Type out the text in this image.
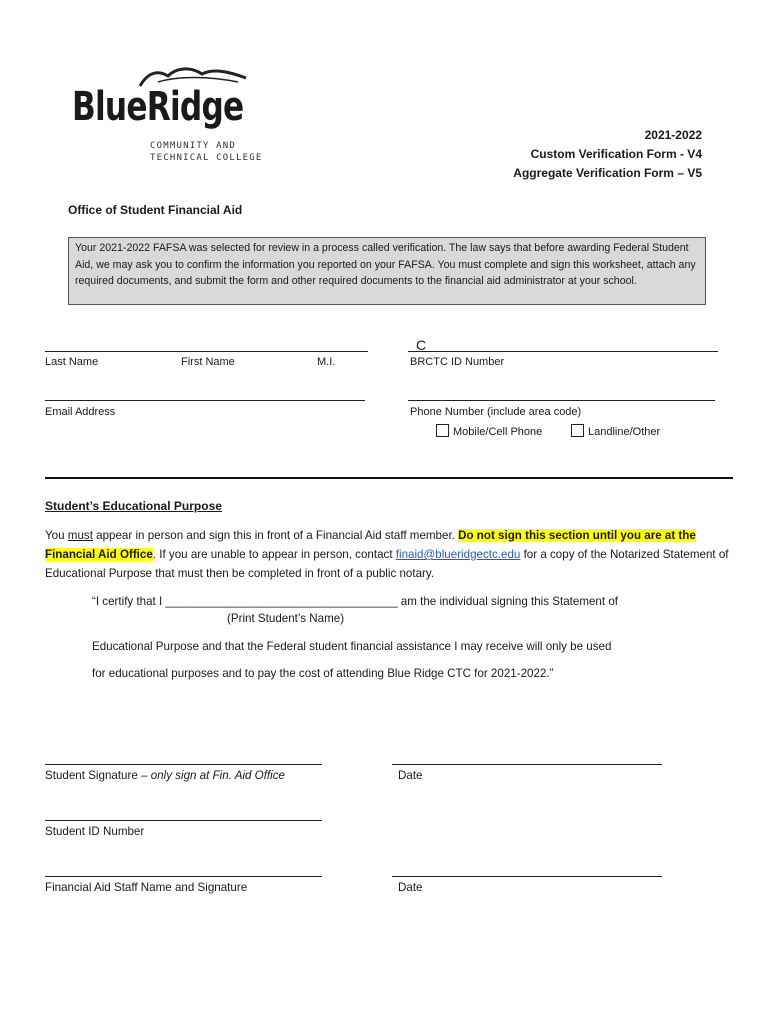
BlueRidge
COMMUNITY AND
TECHNICAL COLLEGE
2021-2022
Custom Verification Form - V4
Aggregate Verification Form – V5
Office of Student Financial Aid
Your 2021-2022 FAFSA was selected for review in a process called verification. The law says that before awarding Federal Student Aid, we may ask you to confirm the information you reported on your FAFSA. You must complete and sign this worksheet, attach any required documents, and submit the form and other required documents to the financial aid administrator at your school.
Last Name	First Name	M.I.
C
BRCTC ID Number
Email Address	Phone Number (include area code)
Mobile/Cell Phone	Landline/Other
Student’s Educational Purpose
You must appear in person and sign this in front of a Financial Aid staff member. Do not sign this section until you are at the Financial Aid Office. If you are unable to appear in person, contact finaid@blueridgectc.edu for a copy of the Notarized Statement of Educational Purpose that must then be completed in front of a public notary.
“I certify that I ____________________________________ am the individual signing this Statement of
(Print Student’s Name)
Educational Purpose and that the Federal student financial assistance I may receive will only be used
for educational purposes and to pay the cost of attending Blue Ridge CTC for 2021-2022.”
Student Signature – only sign at Fin. Aid Office	Date
Student ID Number
Financial Aid Staff Name and Signature	Date
